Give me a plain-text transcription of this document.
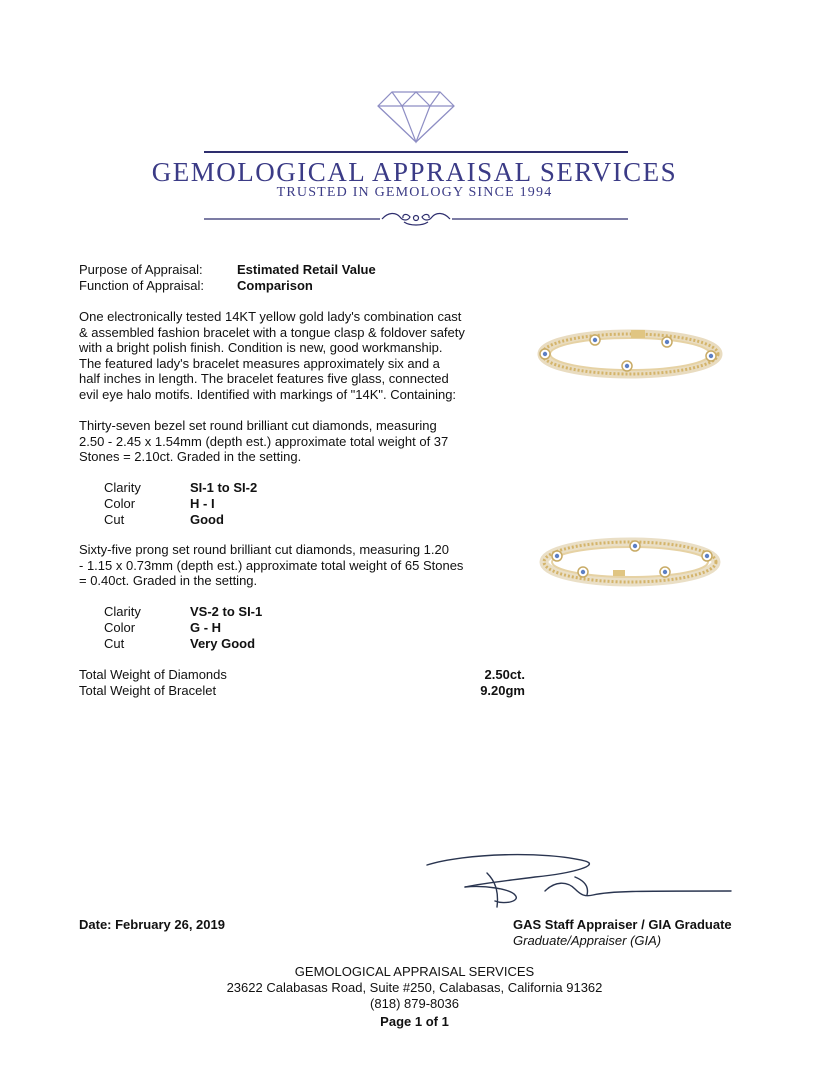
GEMOLOGICAL APPRAISAL SERVICES
TRUSTED IN GEMOLOGY SINCE 1994
Purpose of Appraisal:	Estimated Retail Value
Function of Appraisal:	Comparison
One electronically tested 14KT yellow gold lady's combination cast
& assembled fashion bracelet with a tongue clasp & foldover safety
with a bright polish finish. Condition is new, good workmanship.
The featured lady's bracelet measures approximately six and a
half inches in length. The bracelet features five glass, connected
evil eye halo motifs. Identified with markings of "14K". Containing:
Thirty-seven bezel set round brilliant cut diamonds, measuring
2.50 - 2.45 x 1.54mm (depth est.) approximate total weight of 37
Stones = 2.10ct. Graded in the setting.
Clarity	SI-1 to SI-2
Color	H - I
Cut	Good
Sixty-five prong set round brilliant cut diamonds, measuring 1.20
- 1.15 x 0.73mm (depth est.) approximate total weight of 65 Stones
= 0.40ct. Graded in the setting.
Clarity	VS-2 to SI-1
Color	G - H
Cut	Very Good
Total Weight of Diamonds	2.50ct.
Total Weight of Bracelet	9.20gm
Date: February 26, 2019	GAS Staff Appraiser / GIA Graduate
Graduate/Appraiser (GIA)
GEMOLOGICAL APPRAISAL SERVICES
23622 Calabasas Road, Suite #250, Calabasas, California 91362
(818) 879-8036
Page 1 of 1
